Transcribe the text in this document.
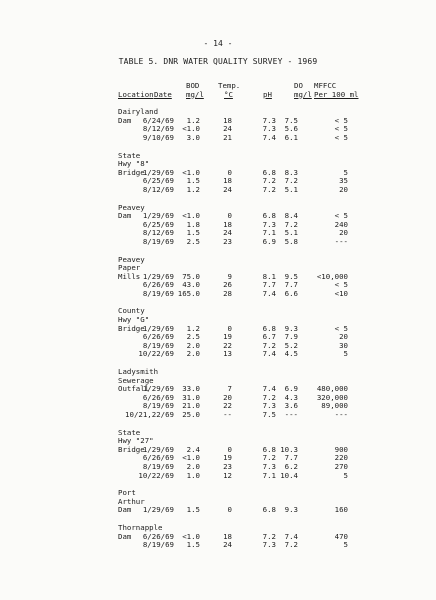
- 14 -
TABLE 5. DNR WATER QUALITY SURVEY - 1969
BOD	Temp.	DO MFFCC
Location Date mg/l	°C	pH	mg/l Per 100 ml
Dairyland
Dam 6/24/69 1.2	18	7.3 7.5	< 5
8/12/69 <1.0	24	7.3 5.6	< 5
9/10/69 3.0	21	7.4 6.1	< 5
State
Hwy "8"
Bridge
1/29/69 <1.0	0	6.8 8.3	5
6/25/69 1.5	18	7.2 7.2	35
8/12/69 1.2	24	7.2 5.1	20
Peavey
Dam 1/29/69 <1.0	0	6.8 8.4	< 5
6/25/69 1.8	18	7.3 7.2	240
8/12/69 1.5	24	7.1 5.1	20
8/19/69 2.5	23	6.9 5.8	---
Peavey
Paper
Mills 1/29/69 75.0	9	8.1 9.5	<10,000
6/26/69 43.0	26	7.7 7.7	< 5
8/19/69 165.0	28	7.4 6.6	<10
County
Hwy "G"
Bridge
1/29/69 1.2	0	6.8 9.3	< 5
6/26/69 2.5	19	6.7 7.9	20
8/19/69 2.0	22	7.2 5.2	30
10/22/69 2.0	13	7.4 4.5	5
Ladysmith
Sewerage
Outfall
1/29/69 33.0	7	7.4 6.9	480,000
6/26/69 31.0	20	7.2 4.3	320,000
8/19/69 21.0	22	7.3 3.6	89,000
10/21,22/69 25.0	--	7.5 ---	---
State
Hwy "27"
Bridge
1/29/69 2.4	0	6.8 10.3	900
6/26/69 <1.0	19	7.2 7.7	220
8/19/69 2.0	23	7.3 6.2	270
10/22/69 1.0	12	7.1 10.4	5
Port
Arthur
Dam 1/29/69 1.5	0	6.8 9.3	160
Thornapple
Dam 6/26/69 <1.0	18	7.2 7.4	470
8/19/69 1.5	24	7.3 7.2	5
